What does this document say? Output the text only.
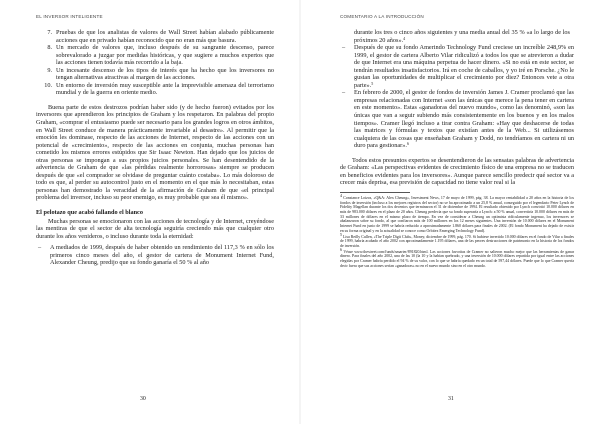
EL INVERSOR INTELIGENTE
7. Pruebas de que los analistas de valores de Wall Street habían alabado públicamente acciones que en privado habían reconocido que no eran más que basura.
8. Un mercado de valores que, incluso después de su sangrante descenso, parece sobrevalorado a juzgar por medidas históricas, y que sugiere a muchos expertos que las acciones tienen todavía más recorrido a la baja.
9. Un incesante descenso de los tipos de interés que ha hecho que los inversores no tengan alternativas atractivas al margen de las acciones.
10. Un entorno de inversión muy susceptible ante la imprevisible amenaza del terrorismo mundial y de la guerra en oriente medio.

Buena parte de estos destrozos podrían haber sido (y de hecho fueron) evitados por los inversores que aprendieron los principios de Graham y los respetaron. En palabras del propio Graham, «comprar el entusiasmo puede ser necesario para los grandes logros en otros ámbitos, en Wall Street conduce de manera prácticamente invariable al desastre». Al permitir que la emoción les dominase, respecto de las acciones de Internet, respecto de las acciones con un potencial de «crecimiento», respecto de las acciones en conjunta, muchas personas han cometido los mismos errores estúpidos que Sir Isaac Newton. Han dejado que los juicios de otras personas se impongan a sus propios juicios personales. Se han desentendido de la advertencia de Graham de que «las pérdidas realmente horrorosas» siempre se producen después de que «el comprador se olvidase de preguntar cuánto costaba». Lo más doloroso de todo es que, al perder su autocontrol justo en el momento en el que más lo necesitaban, estas personas han demostrado la veracidad de la afirmación de Graham de que «el principal problema del inversor, incluso su peor enemigo, es muy probable que sea él mismo».

El pelotazo que acabó fallando el blanco

Muchas personas se emocionaron con las acciones de tecnología y de Internet, creyéndose las mentiras de que el sector de alta tecnología seguiría creciendo más que cualquier otro durante los años venideros, o incluso durante toda la eternidad:

– A mediados de 1999, después de haber obtenido un rendimiento del 117,3 % en sólo los primeros cinco meses del año, el gestor de cartera de Monument Internet Fund, Alexander Cheung, predijo que su fondo ganaría el 50 % al año
30
COMENTARIO A LA INTRODUCCIÓN

durante los tres o cinco años siguientes y una media anual del 35 % «a lo largo de los próximos 20 años».$^4$

– Después de que su fondo Amerindo Technology Fund creciese un increíble 248,9% en 1999, el gestor de cartera Alberto Vilar ridiculizó a todos los que se atrevieron a dudar de que Internet era una máquina perpetua de hacer dinero. «Si no está en este sector, se tendrán resultados insatisfactorios. Irá en coche de caballos, y yo iré en Porsche. ¿No le gustan las oportunidades de multiplicar el crecimiento por diez? Entonces vete a otra parte».$^5$
– En febrero de 2000, el gestor de fondos de inversión James J. Cramer proclamó que las empresas relacionadas con Internet «son las únicas que merece la pena tener en cartera en este momento». Estas «ganadoras del nuevo mundo», como las denominó, «son las únicas que van a seguir subiendo más consistentemente en los buenos y en los malos tiempos». Cramer llegó incluso a tirar contra Graham: «Hay que deshacerse de todas las matrices y fórmulas y textos que existían antes de la Web... Si utilizásemos cualquiera de las cosas que enseñaban Graham y Dodd, no tendríamos en cartera ni un duro para gestionar».$^6$

Todos estos presuntos expertos se desentendieron de las sensatas palabras de advertencia de Graham: «Las perspectivas evidentes de crecimiento físico de una empresa no se traducen en beneficios evidentes para los inversores». Aunque parece sencillo predecir qué sector va a crecer más deprisa, esa previsión de capacidad no tiene valor real si la

$^4$ Constance Loizos, «Q&A: Alex Cheung», Investment News, 17 de mayo de 1999, pág. 38. La mayor rentabilidad a 20 años en la historia de los fondos de inversión (incluso a los mejores registros del sector) no se ha aproximado a un 25,8 % anual, conseguido por el legendario Peter Lynch de Fidelity Magellan durante los dos decenios que terminaron el 31 de diciembre de 1994. El resultado obtenido por Lynch convirtió 10.000 dólares en más de 983.000 dólares en el plazo de 20 años. Cheung predecía que su fondo superaría a Lynch: a 50 % anual, convertiría 10.000 dólares en más de 33 millones de dólares en el mismo plazo de tiempo. En vez de considerar a Cheung un optimista ridículamente ingenuo, los inversores se abalanzaron sobre su fondo, al que confiaron más de 100 millones en los 12 meses siguientes. Una inversión de 10.000 dólares en el Monument Internet Fund en junio de 1999 se habría reducido a aproximadamente 1.860 dólares para finales de 2002. (El fondo Monument ha dejado de existir en su forma original y en la actualidad se conoce como Orbitex Emerging Technology Fund).

$^5$ Lisa Reilly Cullen, «The Triple Digit Club», Money, diciembre de 1999, pág. 170. Si hubiese invertido 10.000 dólares en el fondo de Vilar a finales de 1999, habría acabado el año 2002 con aproximadamente 1.195 dólares, una de las peores destrucciones de patrimonio en la historia de los fondos de inversión.

$^6$ Véase www.thestreet.com/funds/smarter/891820.html. Las acciones favoritas de Cramer no salieron mucho mejor que las herramientas de ganar dinero. Para finales del año 2002, una de las 10 (la 10 y la habían quebrado, y una inversión de 10.000 dólares repartida por igual entre las acciones elegidas por Cramer habría perdido el 94 % de su valor, con lo que se habría quedado en un total de 597,44 dólares. Puede que lo que Cramer quería decir fuera que sus acciones serían «ganadoras» no en el nuevo mundo sino en el otro mundo.

31
